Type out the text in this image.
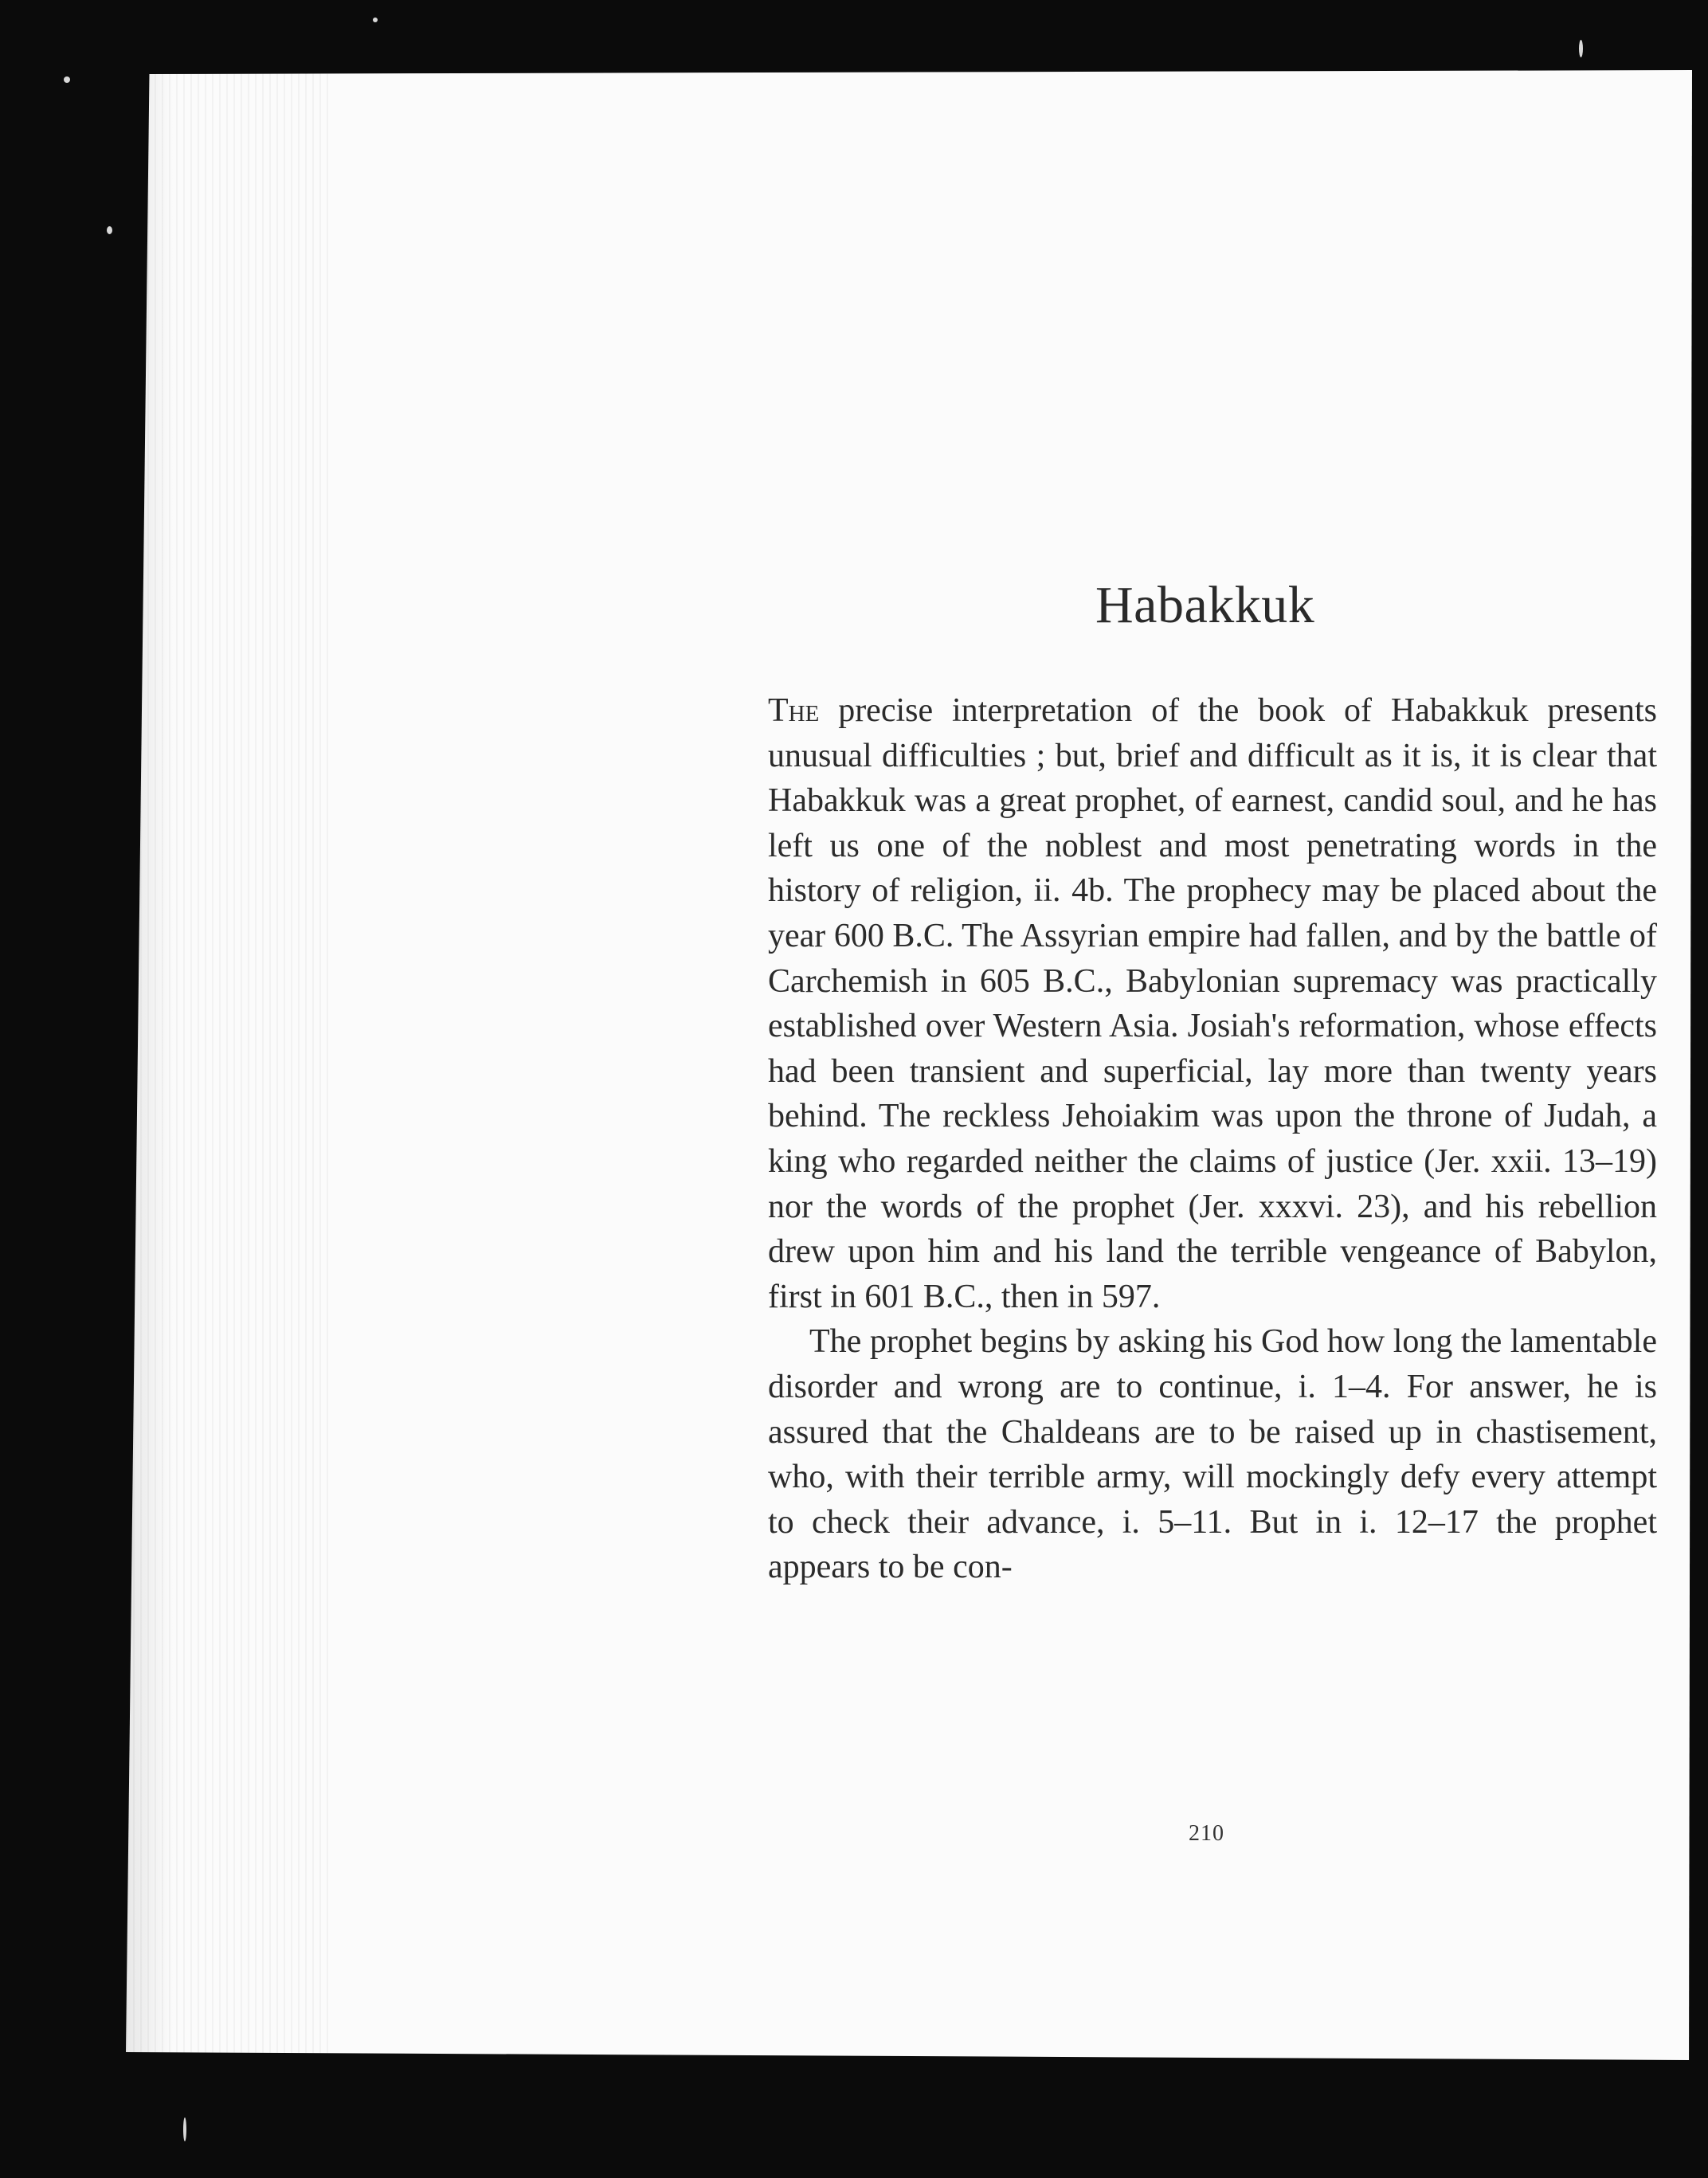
Habakkuk

The precise interpretation of the book of Habakkuk presents unusual difficulties ; but, brief and difficult as it is, it is clear that Habakkuk was a great prophet, of earnest, candid soul, and he has left us one of the noblest and most penetrating words in the history of religion, ii. 4b. The prophecy may be placed about the year 600 B.C. The Assyrian empire had fallen, and by the battle of Carchemish in 605 B.C., Babylonian supremacy was practically established over Western Asia. Josiah's reformation, whose effects had been transient and superficial, lay more than twenty years behind. The reckless Jehoiakim was upon the throne of Judah, a king who regarded neither the claims of justice (Jer. xxii. 13–19) nor the words of the prophet (Jer. xxxvi. 23), and his rebellion drew upon him and his land the terrible vengeance of Babylon, first in 601 B.C., then in 597.

The prophet begins by asking his God how long the lamentable disorder and wrong are to continue, i. 1–4. For answer, he is assured that the Chaldeans are to be raised up in chastisement, who, with their terrible army, will mockingly defy every attempt to check their advance, i. 5–11. But in i. 12–17 the prophet appears to be con-

210
